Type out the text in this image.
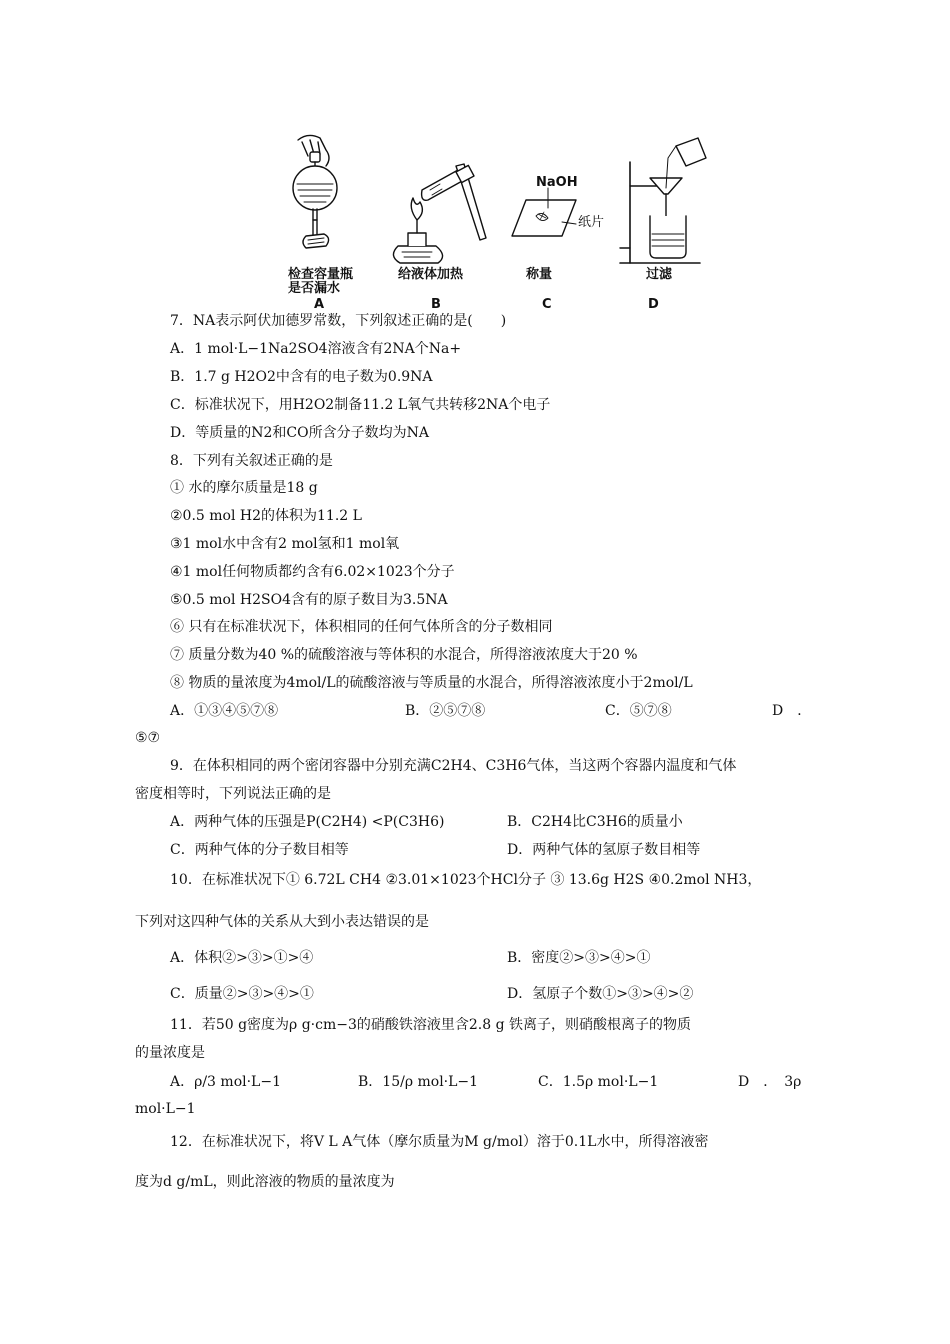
NaOH
纸片
检查容量瓶
是否漏水
A
给液体加热
B
称量
C
过滤
D
7．NA表示阿伏加德罗常数，下列叙述正确的是(　　)
A．1 mol·L−1Na2SO4溶液含有2NA个Na+
B．1.7 g H2O2中含有的电子数为0.9NA
C．标准状况下，用H2O2制备11.2 L氧气共转移2NA个电子
D．等质量的N2和CO所含分子数均为NA
8．下列有关叙述正确的是
① 水的摩尔质量是18 g
②0.5 mol H2的体积为11.2 L
③1 mol水中含有2 mol氢和1 mol氧
④1 mol任何物质都约含有6.02×1023个分子
⑤0.5 mol H2SO4含有的原子数目为3.5NA
⑥ 只有在标准状况下，体积相同的任何气体所含的分子数相同
⑦ 质量分数为40 %的硫酸溶液与等体积的水混合，所得溶液浓度大于20 %
⑧ 物质的量浓度为4mol/L的硫酸溶液与等质量的水混合，所得溶液浓度小于2mol/L
A．①③④⑤⑦⑧	B．②⑤⑦⑧	C．⑤⑦⑧	D　．
⑤⑦
9．在体积相同的两个密闭容器中分别充满C2H4、C3H6气体，当这两个容器内温度和气体
密度相等时，下列说法正确的是
A．两种气体的压强是P(C2H4) <P(C3H6)	B．C2H4比C3H6的质量小
C．两种气体的分子数目相等	D．两种气体的氢原子数目相等
10．在标准状况下① 6.72L CH4 ②3.01×1023个HCl分子 ③ 13.6g H2S ④0.2mol NH3，
下列对这四种气体的关系从大到小表达错误的是
A．体积②>③>①>④	B．密度②>③>④>①
C．质量②>③>④>①	D．氢原子个数①>③>④>②
11．若50 g密度为ρ g·cm−3的硝酸铁溶液里含2.8 g 铁离子，则硝酸根离子的物质
的量浓度是
A．ρ/3 mol·L−1	B．15/ρ mol·L−1	C．1.5ρ mol·L−1	D　．　3ρ
mol·L−1
12．在标准状况下，将V L A气体（摩尔质量为M g/mol）溶于0.1L水中，所得溶液密
度为d g/mL，则此溶液的物质的量浓度为
